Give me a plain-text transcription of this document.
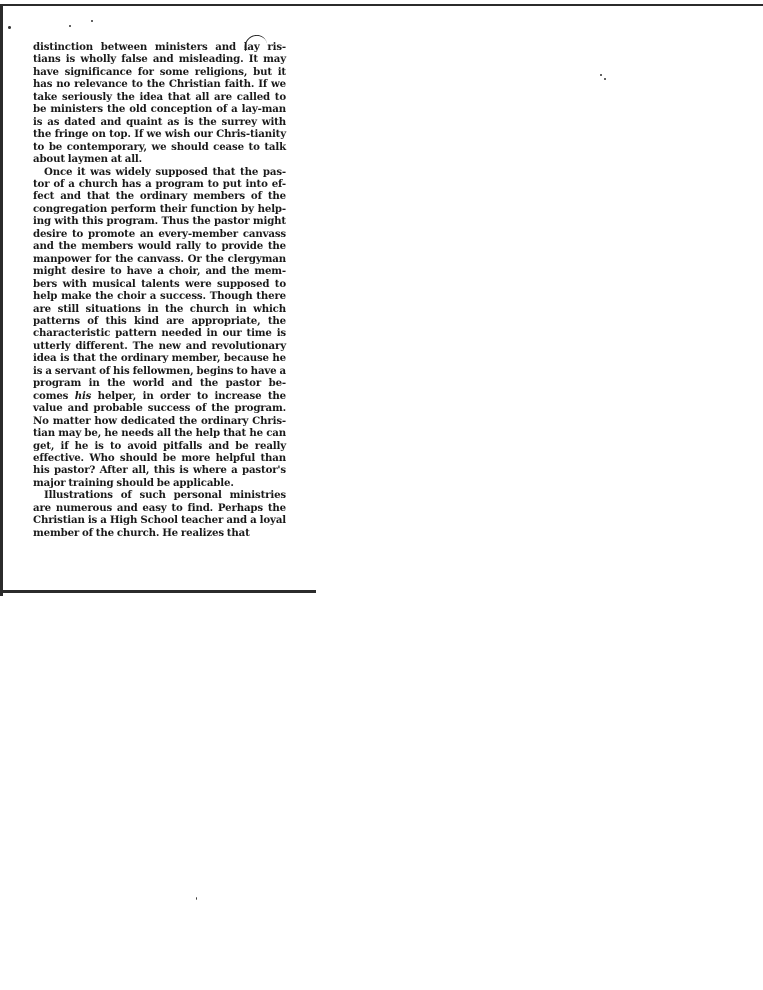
distinction between ministers and lay ris-tians is wholly false and misleading. It may have significance for some religions, but it has no relevance to the Christian faith. If we take seriously the idea that all are called to be ministers the old conception of a lay-man is as dated and quaint as is the surrey with the fringe on top. If we wish our Chris-tianity to be contemporary, we should cease to talk about laymen at all.

Once it was widely supposed that the pas-tor of a church has a program to put into ef-fect and that the ordinary members of the congregation perform their function by help-ing with this program. Thus the pastor might desire to promote an every-member canvass and the members would rally to provide the manpower for the canvass. Or the clergyman might desire to have a choir, and the mem-bers with musical talents were supposed to help make the choir a success. Though there are still situations in the church in which patterns of this kind are appropriate, the characteristic pattern needed in our time is utterly different. The new and revolutionary idea is that the ordinary member, because he is a servant of his fellowmen, begins to have a program in the world and the pastor be-comes his helper, in order to increase the value and probable success of the program. No matter how dedicated the ordinary Chris-tian may be, he needs all the help that he can get, if he is to avoid pitfalls and be really effective. Who should be more helpful than his pastor? After all, this is where a pastor's major training should be applicable.

Illustrations of such personal ministries are numerous and easy to find. Perhaps the Christian is a High School teacher and a loyal member of the church. He realizes that
